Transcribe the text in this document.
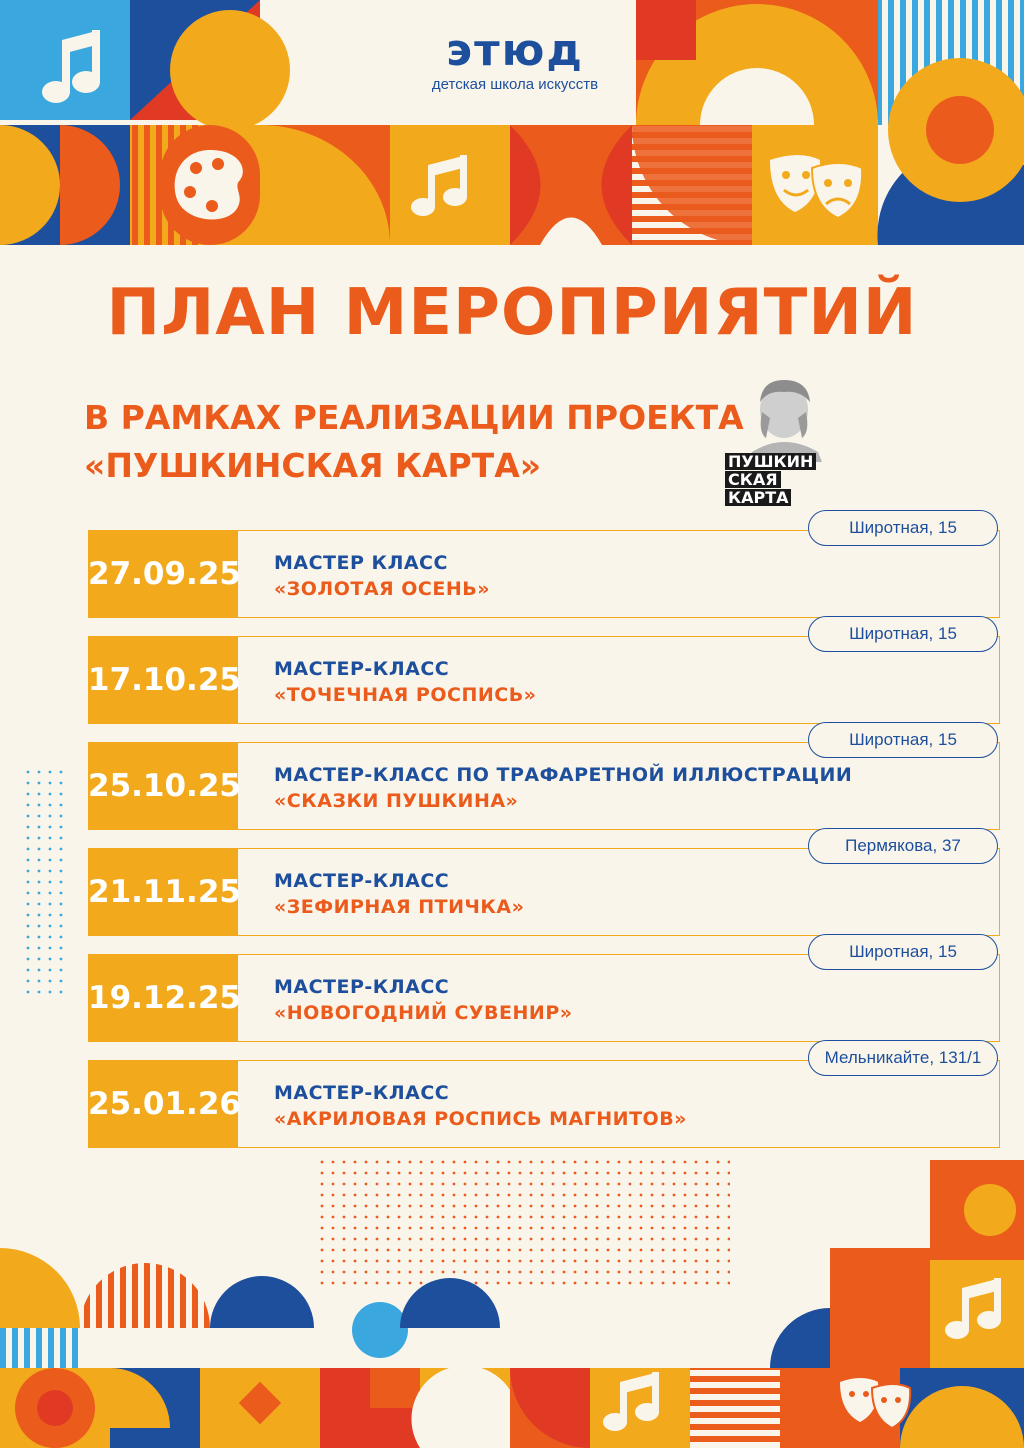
этюд
детская школа искусств
ПЛАН МЕРОПРИЯТИЙ
В РАМКАХ РЕАЛИЗАЦИИ ПРОЕКТА
«ПУШКИНСКАЯ КАРТА»	ПУШКИН
СКАЯ
КАРТА
27.09.25 МАСТЕР КЛАСС
«ЗОЛОТАЯ ОСЕНЬ»
Широтная, 15
17.10.25 МАСТЕР-КЛАСС
«ТОЧЕЧНАЯ РОСПИСЬ»
Широтная, 15
25.10.25 МАСТЕР-КЛАСС ПО ТРАФАРЕТНОЙ ИЛЛЮСТРАЦИИ
«СКАЗКИ ПУШКИНА»
Широтная, 15
21.11.25 МАСТЕР-КЛАСС
«ЗЕФИРНАЯ ПТИЧКА»
Пермякова, 37
19.12.25 МАСТЕР-КЛАСС
«НОВОГОДНИЙ СУВЕНИР»
Широтная, 15
25.01.26 МАСТЕР-КЛАСС
«АКРИЛОВАЯ РОСПИСЬ МАГНИТОВ»
Мельникайте, 131/1
